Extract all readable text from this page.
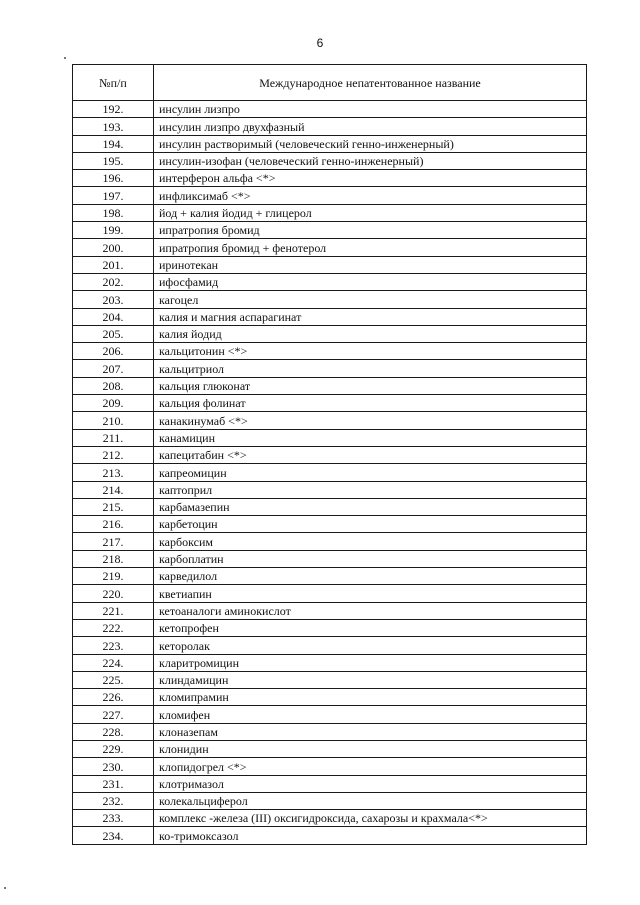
6
№п/п	Международное непатентованное название
192.	инсулин лизпро
193.	инсулин лизпро двухфазный
194.	инсулин растворимый (человеческий генно-инженерный)
195.	инсулин-изофан (человеческий генно-инженерный)
196.	интерферон альфа <*>
197.	инфликсимаб <*>
198.	йод + калия йодид + глицерол
199.	ипратропия бромид
200.	ипратропия бромид + фенотерол
201.	иринотекан
202.	ифосфамид
203.	кагоцел
204.	калия и магния аспарагинат
205.	калия йодид
206.	кальцитонин <*>
207.	кальцитриол
208.	кальция глюконат
209.	кальция фолинат
210.	канакинумаб <*>
211.	канамицин
212.	капецитабин <*>
213.	капреомицин
214.	каптоприл
215.	карбамазепин
216.	карбетоцин
217.	карбоксим
218.	карбоплатин
219.	карведилол
220.	кветиапин
221.	кетоаналоги аминокислот
222.	кетопрофен
223.	кеторолак
224.	кларитромицин
225.	клиндамицин
226.	кломипрамин
227.	кломифен
228.	клоназепам
229.	клонидин
230.	клопидогрел <*>
231.	клотримазол
232.	колекальциферол
233.	комплекс -железа (III) оксигидроксида, сахарозы и крахмала<*>
234.	ко-тримоксазол
